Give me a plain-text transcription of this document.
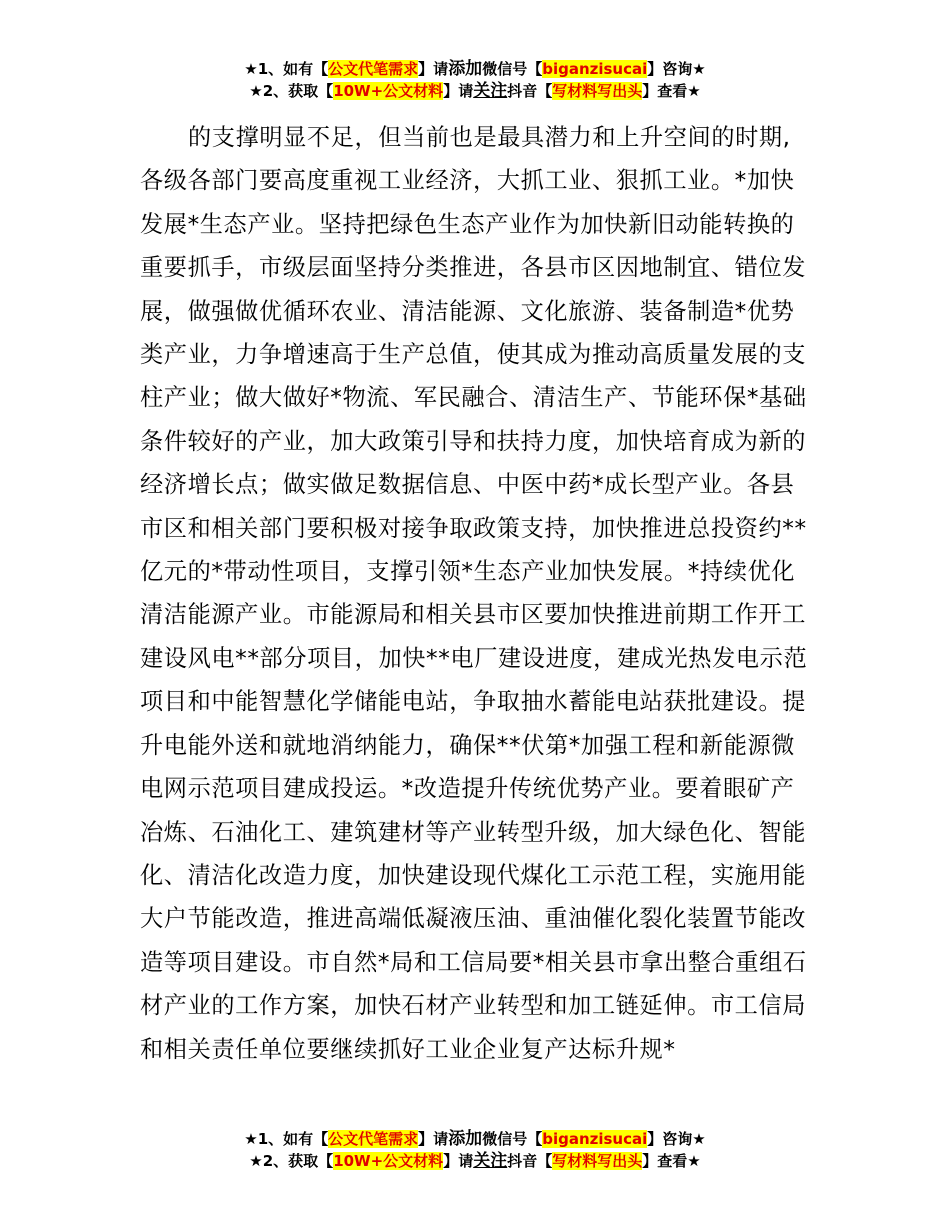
★1、如有【公文代笔需求】请添加微信号【biganzisucai】咨询★
★2、获取【10W+公文材料】请关注抖音【写材料写出头】查看★

的支撑明显不足，但当前也是最具潜力和上升空间的时期,各级各部门要高度重视工业经济，大抓工业、狠抓工业。*加快发展*生态产业。坚持把绿色生态产业作为加快新旧动能转换的重要抓手，市级层面坚持分类推进，各县市区因地制宜、错位发展，做强做优循环农业、清洁能源、文化旅游、装备制造*优势类产业，力争增速高于生产总值，使其成为推动高质量发展的支柱产业；做大做好*物流、军民融合、清洁生产、节能环保*基础条件较好的产业，加大政策引导和扶持力度，加快培育成为新的经济增长点；做实做足数据信息、中医中药*成长型产业。各县市区和相关部门要积极对接争取政策支持，加快推进总投资约**亿元的*带动性项目，支撑引领*生态产业加快发展。*持续优化清洁能源产业。市能源局和相关县市区要加快推进前期工作开工建设风电**部分项目，加快**电厂建设进度，建成光热发电示范项目和中能智慧化学储能电站，争取抽水蓄能电站获批建设。提升电能外送和就地消纳能力，确保**伏第*加强工程和新能源微电网示范项目建成投运。*改造提升传统优势产业。要着眼矿产冶炼、石油化工、建筑建材等产业转型升级，加大绿色化、智能化、清洁化改造力度，加快建设现代煤化工示范工程，实施用能大户节能改造，推进高端低凝液压油、重油催化裂化装置节能改造等项目建设。市自然*局和工信局要*相关县市拿出整合重组石材产业的工作方案，加快石材产业转型和加工链延伸。市工信局和相关责任单位要继续抓好工业企业复产达标升规*

★1、如有【公文代笔需求】请添加微信号【biganzisucai】咨询★
★2、获取【10W+公文材料】请关注抖音【写材料写出头】查看★
